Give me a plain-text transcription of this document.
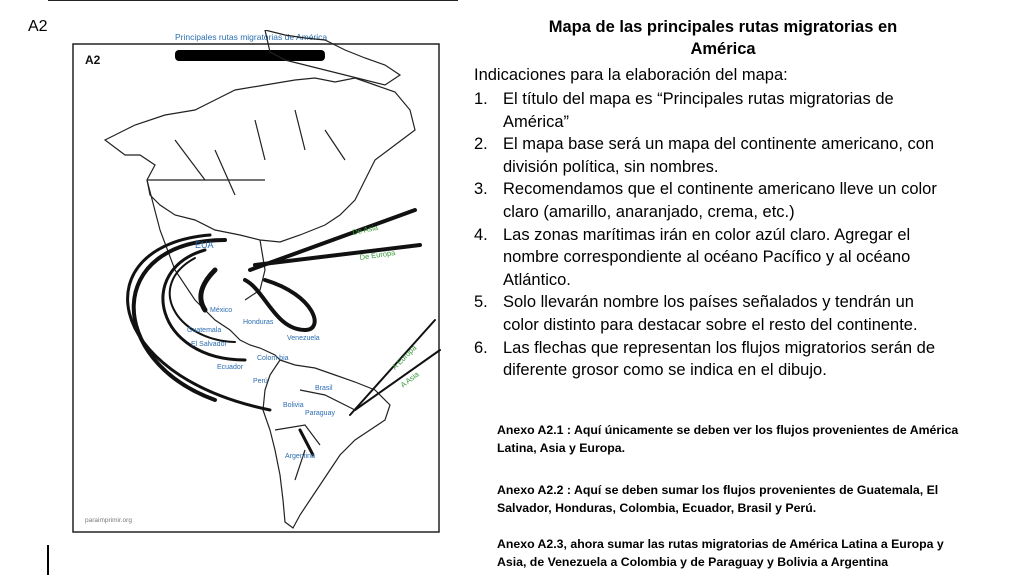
A2
Principales rutas migratorias de América
A2
EUA
México
Guatemala
El Salvador
Honduras
Venezuela
Colom bia
Ecuador
Perú
Brasil
Bolivia
Paraguay
Argentina
De Asia
De Europa
A Europa
A Asia
paraimprimir.org
Mapa de las principales rutas migratorias en
América
Indicaciones para la elaboración del mapa:
1. El título del mapa es “Principales rutas migratorias de América”
2. El mapa base será un mapa del continente americano, con división política, sin nombres.
3. Recomendamos que el continente americano lleve un color claro (amarillo, anaranjado, crema, etc.)
4. Las zonas marítimas irán en color azúl claro. Agregar el nombre correspondiente al océano Pacífico y al océano Atlántico.
5. Solo llevarán nombre los países señalados y tendrán un color distinto para destacar sobre el resto del continente.
6. Las flechas que representan los flujos migratorios serán de diferente grosor como se indica en el dibujo.
Anexo A2.1 : Aquí únicamente se deben ver los flujos provenientes de América Latina, Asia y Europa.
Anexo A2.2 : Aquí se deben sumar los flujos provenientes de Guatemala, El Salvador, Honduras, Colombia, Ecuador, Brasil y Perú.
Anexo A2.3, ahora sumar las rutas migratorias de América Latina a Europa y Asia, de Venezuela a Colombia y de Paraguay y Bolivia a Argentina
